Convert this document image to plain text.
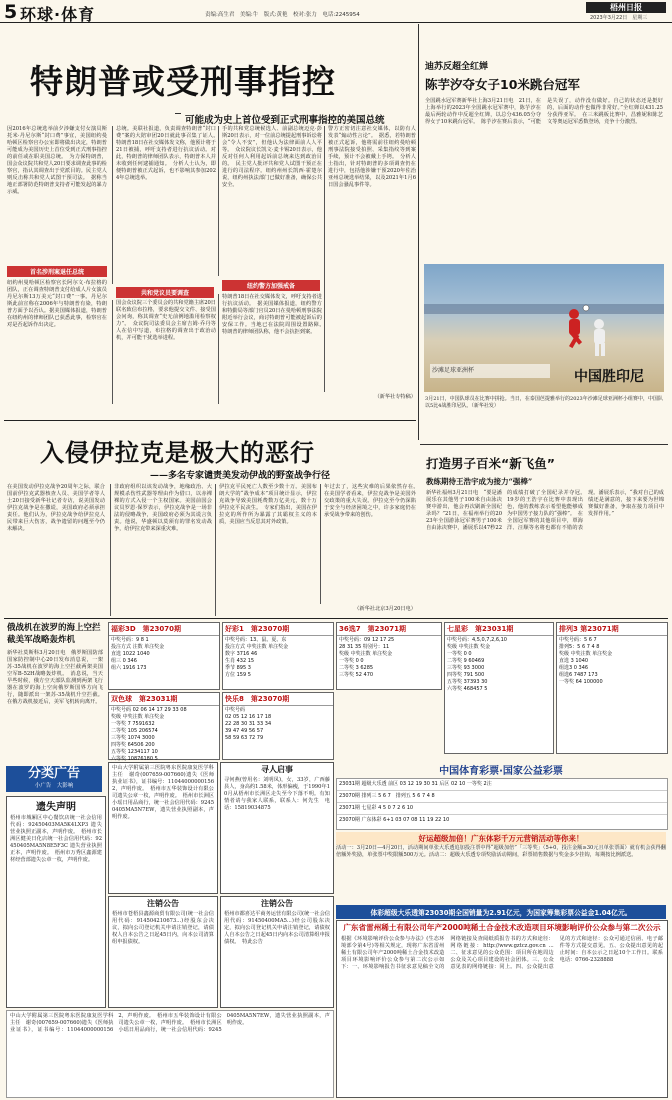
5 环球·体育	责编:高生君　美编:牛　版式:黄艳　校对:张力　电话:2245954
梧州日报
2023年3月22日　星期三
特朗普或受刑事指控
可能成为史上首位受到正式刑事指控的美国总统
因2016年总统选举前夕涉嫌支付女演员斯托米·丹尼尔斯“封口费”事宜，美国纽约曼哈顿区检察官办公室即将做出决定，特朗普可能成为美国历史上首位受到正式刑事指控的前任或在职美国总统。　为力保特朗普，国会众议院共和党人20日要求调查此事的检察官，指认其调查出于党派目的。民主党人则反击称共和党人试图干预司法。　据称当地正部署防范特朗普支持者可能发起的暴力示威。
首名涉刑案退任总统
纽约州曼哈顿区检察官长阿尔文·布拉格的团队，正在调查特朗普支付给成人片女演员丹尼尔斯13万美元“封口费”一事。丹尼尔斯此前宣称在2006年与特朗普有染，特朗普方面予以否认。据美国媒体报道，特朗普在纽约州的律师团队已获悉此事，检察官在对是否起诉作出决定。
总统。美联社报道，负责调查特朗普“封口费”案的大陪审团20日就此事召集了证人。　特朗普18日在社交媒体发文称，他预计将于21日被捕，呼吁支持者进行抗议活动。对此，特朗普的律师团队表示，特朗普本人并未收到任何逮捕通知。　分析人士认为，即便特朗普被正式起诉，也不影响其参加2024年总统选举。
共和党议员要调查
国会众议院三个委员会的共和党籍主席20日联名致信布拉格，要求他提交文件、接受国会问询，称其调查“史无前例地滥用检察权力”。　众议院司法委员会主席吉姆·乔丹等人在信中写道，布拉格的调查出于政治动机，并可能干扰选举进程。
手的共和党总统候选人、前副总统迈克·彭斯20日表示，对一位前总统提起刑事诉讼将会“令人不安”，但他认为法律面前人人平等。　众议院议长凯文·麦卡锡20日表示，他反对任何人利用起诉前总统来达到政治目的。　民主党人批评共和党人试图干预正在进行的司法程序。纽约州州长凯西·霍楚尔说，纽约州执法部门已做好准备，确保公共安全。
纽约警方加强戒备
特朗普18日在社交媒体发文，呼吁支持者进行抗议活动。　据美国媒体报道，纽约警方和特勤局等部门官员20日在曼哈顿刑事法院附近举行会议，商讨特朗普可能被起诉后的安保工作。当地已在法院周围设置路障。　特朗普的律师团队称，他不会抗拒到案。
警方正密切注意社交媒体，以防有人发表“煽动性言论”。　据悉，若特朗普被正式起诉，他将需前往纽约曼哈顿刑事法院接受拍照、采集指纹等到案手续，预计不会被戴上手铐。　分析人士指出，针对特朗普的多项调查仍在进行中，包括他涉嫌干预2020年佐治亚州总统选举结果，以及2021年1月6日国会骚乱事件等。
（新华社专特稿）
迪苏反超全红婵
陈芋汐夺女子10米跳台冠军
全国跳水冠军赛新华社上海3月21日电　21日，在上海举行的2023年全国跳水冠军赛中，陈芋汐在最后两轮动作中反超全红婵，以总分436.05分夺得女子10米跳台冠军。　陈芋汐在赛后表示，“可能是失误了，动作没有做好。自己的状态还是挺好的，后面的动作也做得非常好。”全红婵以431.25分获得亚军。　在三米跳板比赛中，昌雅妮和陈艺文等奥运冠军悉数登场，竞争十分激烈。
沙滩足球亚洲杯	中国胜印尼
3月21日，中国队球员在比赛中拼抢。当日，在泰国芭提雅举行的2023年沙滩足球亚洲杯小组赛中，中国队以5比4战胜印尼队。（新华社发）
入侵伊拉克是极大的恶行
——多名专家谴责美发动伊战的野蛮战争行径
在美国发动伊拉克战争20周年之际，联合国前伊拉克武器核查人员、美国学者等人士20日接受新华社记者专访，说美国发动伊拉克战争是在撒谎，美国政府必须承担责任。他们认为，伊拉克战争给伊拉克人民带来巨大伤害，战争遗留的问题至今仍未解决。
非政府组织以该发动战争，地缘政治、大规模杀伤性武器等理由作为借口，以赤裸裸的方式入侵一个主权国家。美国前国会议员罗恩·保罗表示，伊拉克战争是一场非法的侵略战争，美国政府必须为其谎言负责。他说，华盛顿以莫须有的罪名发动战争，给伊拉克带来深重灾难。
伊拉克平民死亡人数至少数十万。美国布朗大学的“战争成本”项目统计显示，伊拉克战争导致美国耗费数万亿美元，数十万伊拉克平民丧生。　专家们指出，美国在伊拉克的所作所为暴露了其霸权主义的本质，美国应当反思其对外政策。
年过去了，这些灾难的后果依然存在。　在美国学者看来，伊拉克战争是美国外交政策的重大失误。伊拉克至今仍深陷于安全与经济困境之中，许多家庭仍在承受战争带来的创伤。
（新华社北京3月20日电）
打造男子百米“新飞鱼”
教练期待王浩宇成为接力“强棒”
新华社福州3月21日电　“要是潘展乐在其他男子100米自由泳决赛中游出，他会再次刷新全国纪录吗？”21日，在福州举行的2023年全国游泳冠军赛男子100米自由泳决赛中，潘展乐以47秒22的成绩打破了全国纪录并夺冠。　19岁的王浩宇在比赛中表现出色，他的教练表示希望他能够成为中国男子接力队的“强棒”。　在全国冠军赛的其他项目中，覃海洋、汪顺等名将也都有不错的表现。潘展乐表示，“我对自己的成绩还是满意的，接下来要为世锦赛做好准备，争取在接力项目中发挥作用。”
俄战机在波罗的海上空拦截美军战略轰炸机
新华社莫斯科3月20日电　俄罗斯国防部国家防控制中心20日发布消息说，一架苏-35战机在波罗的海上空拦截两架美国空军B-52H战略轰炸机。　消息说，当天早些时候，俄方空天部队监测到两架飞行器在波罗的海上空向俄罗斯国界方向飞行，随即派出一架苏-35战机升空拦截。在俄方战机接近后，美军飞机转向离开。
福彩3D　第23070期
中奖号码：9 8 1
投注方式 注数 单注奖金
直选 1022 1040
组三 0 346
组六 1916 173
好彩1　第23070期
中奖号码：13、鼠、夏、东
投注方式 中奖注数 单注奖金
数字 3716 46
生肖 432 15
季节 895 3
方位 159 5
36选7　第23071期
中奖号码：09 12 17 25
28 31 35 特别号：11
奖级 中奖注数 单注奖金
一等奖 0 0
二等奖 3 6285
三等奖 52 470
七星彩　第23031期
中奖号码：4,5,0,7,2,6,10
奖级 中奖注数 奖金
一等奖 0 0
二等奖 9 60469
三等奖 93 3000
四等奖 791 500
五等奖 37393 30
六等奖 468457 5
排列3 第23071期
中奖号码：5 6 7
排列5：5 6 7 4 8
奖级 中奖注数 单注奖金
直选 3 1040
组选3 0 346
组选6 7487 173
一等奖 64 100000
双色球　第23031期
中奖号码 02 06 14 17 29 33 08
奖级 中奖注数 单注奖金
一等奖 7 7591632
二等奖 105 206574
三等奖 1074 3000
四等奖 64506 200
五等奖 1234117 10
六等奖 10876180 5
快乐8　第23070期
中奖号码
02 05 12 16 17 18
22 28 30 31 33 34
39 47 49 56 57
58 59 63 72 79
中国体育彩票·国家公益彩票
23031期 超级大乐透 前区 03 12 19 30 31 后区 02 10 一等奖 2注
23070期 排列三 5 6 7　排列五 5 6 7 4 8
23071期 七星彩 4 5 0 7 2 6 10
23070期 广东体彩 6+1 03 07 08 11 19 22 10
好运超级加倍！广东体彩千万元营销活动等你来！
活动一：3月20日—4月20日，活动期间单张大乐透追加投注票中得“超级加倍”「三等奖」（5+0，投注金额≥30元且单张票面）就有机会获得翻倍额外奖励，单张票中奖限额500万元。活动二：超级大乐透专项奖励活动期间，彩票销售数据与奖金多少挂钩，每期按比例派送。
体彩超级大乐透第23030期全国销量为2.91亿元，为国家筹集彩票公益金1.04亿元。
分类广告
小广告　大影响
遗失声明
梧州市城厢区中心餐饮店统一社会信用代码：92450403MA5K4LXP3 遗失营业执照正副本，声明作废。　梧州市长洲区健美日化店统一社会信用代码：92450405MA5N8E5F3C 遗失营业执照正本，声明作废。　梧州市万秀区鑫源建材经营部遗失公章一枚，声明作废。
中山大学附属第三医院粤东医院康复医学科主任　谢奇(007659-007660)遗失《医师执业证书》，证书编号：110440000001562，声明作废。　梧州市五华装饰设计有限公司遗失公章一枚，声明作废。　梧州市长洲区小瑶日用品商行，统一社会信用代码：92450405MA5N7EW，遗失营业执照副本，声明作废。
注销公告
梧州市苍梧县鑫源商贸有限公司(统一社会信用代码：914504210673...)经股东会决议，拟向公司登记机关申请注销登记，请债权人自本公告之日起45日内，向本公司清算组申报债权。
寻人启事
寻何燕(曾用名：刘明凤)，女，33岁，广西藤县人，身高约1.58米，体形偏瘦，于1990年10月从梧州市长洲区走失至今下落不明。有知情者请与我家人联系，联系人：何先生　电话：15819034875
注销公告
梧州市都喜达平商务运营有限公司(统一社会信用代码：91450400MA5...)经公司股东决定，拟向公司登记机关申请注销登记，请债权人自本公告之日起45日内向本公司清算组申报债权。　特此公告
广东省雷州稀土有限公司年产2000吨稀土合金技术改造项目环境影响评价公众参与第二次公示
根据《环境影响评价公众参与办法》(生态环境部令第4号)等相关规定，现将广东省雷州稀土有限公司年产2000吨稀土合金技术改造项目环境影响评价公众参与第二次公示如下：一、环境影响报告书征求意见稿全文的网络链接及查阅纸质报告书的方式和途径：网络链接：http://www.gztcz.gov.cn ... 二、征求意见的公众范围：项目所在地周边公众及关心项目建设的社会团体。三、公众意见表的网络链接：同上。四、公众提出意见的方式和途径：公众可通过信函、电子邮件等方式提交意见。五、公众提出意见的起止时间：自本公示之日起10个工作日。联系电话：0766-2328888
中山大学附属第三医院粤东医院康复医学科主任　谢奇(007659-007660)遗失《医师执业证书》，证书编号：110440000001562，声明作废。　梧州市五华装饰设计有限公司遗失公章一枚，声明作废。　梧州市长洲区小瑶日用品商行，统一社会信用代码：92450405MA5N7EW，遗失营业执照副本，声明作废。
